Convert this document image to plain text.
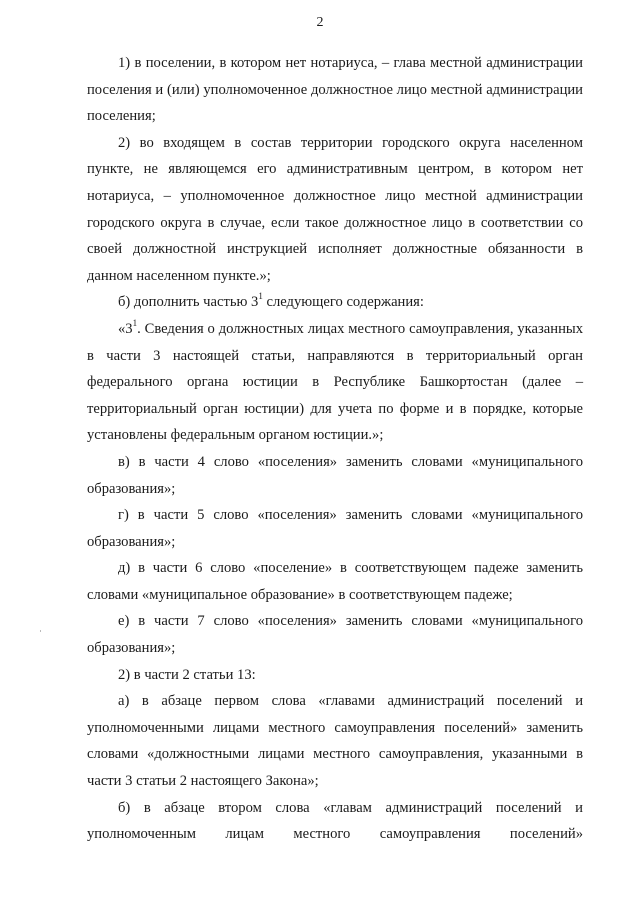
2

1) в поселении, в котором нет нотариуса, – глава местной администрации поселения и (или) уполномоченное должностное лицо местной администрации поселения;

2) во входящем в состав территории городского округа населенном пункте, не являющемся его административным центром, в котором нет нотариуса, – уполномоченное должностное лицо местной администрации городского округа в случае, если такое должностное лицо в соответствии со своей должностной инструкцией исполняет должностные обязанности в данном населенном пункте.»;

б) дополнить частью $3^1$ следующего содержания:

«$3^1$. Сведения о должностных лицах местного самоуправления, указанных в части 3 настоящей статьи, направляются в территориальный орган федерального органа юстиции в Республике Башкортостан (далее – территориальный орган юстиции) для учета по форме и в порядке, которые установлены федеральным органом юстиции.»;

в) в части 4 слово «поселения» заменить словами «муниципального образования»;

г) в части 5 слово «поселения» заменить словами «муниципального образования»;

д) в части 6 слово «поселение» в соответствующем падеже заменить словами «муниципальное образование» в соответствующем падеже;

е) в части 7 слово «поселения» заменить словами «муниципального образования»;

2) в части 2 статьи 13:

а) в абзаце первом слова «главами администраций поселений и уполномоченными лицами местного самоуправления поселений» заменить словами «должностными лицами местного самоуправления, указанными в части 3 статьи 2 настоящего Закона»;

б) в абзаце втором слова «главам администраций поселений и уполномоченным лицам местного самоуправления поселений»
